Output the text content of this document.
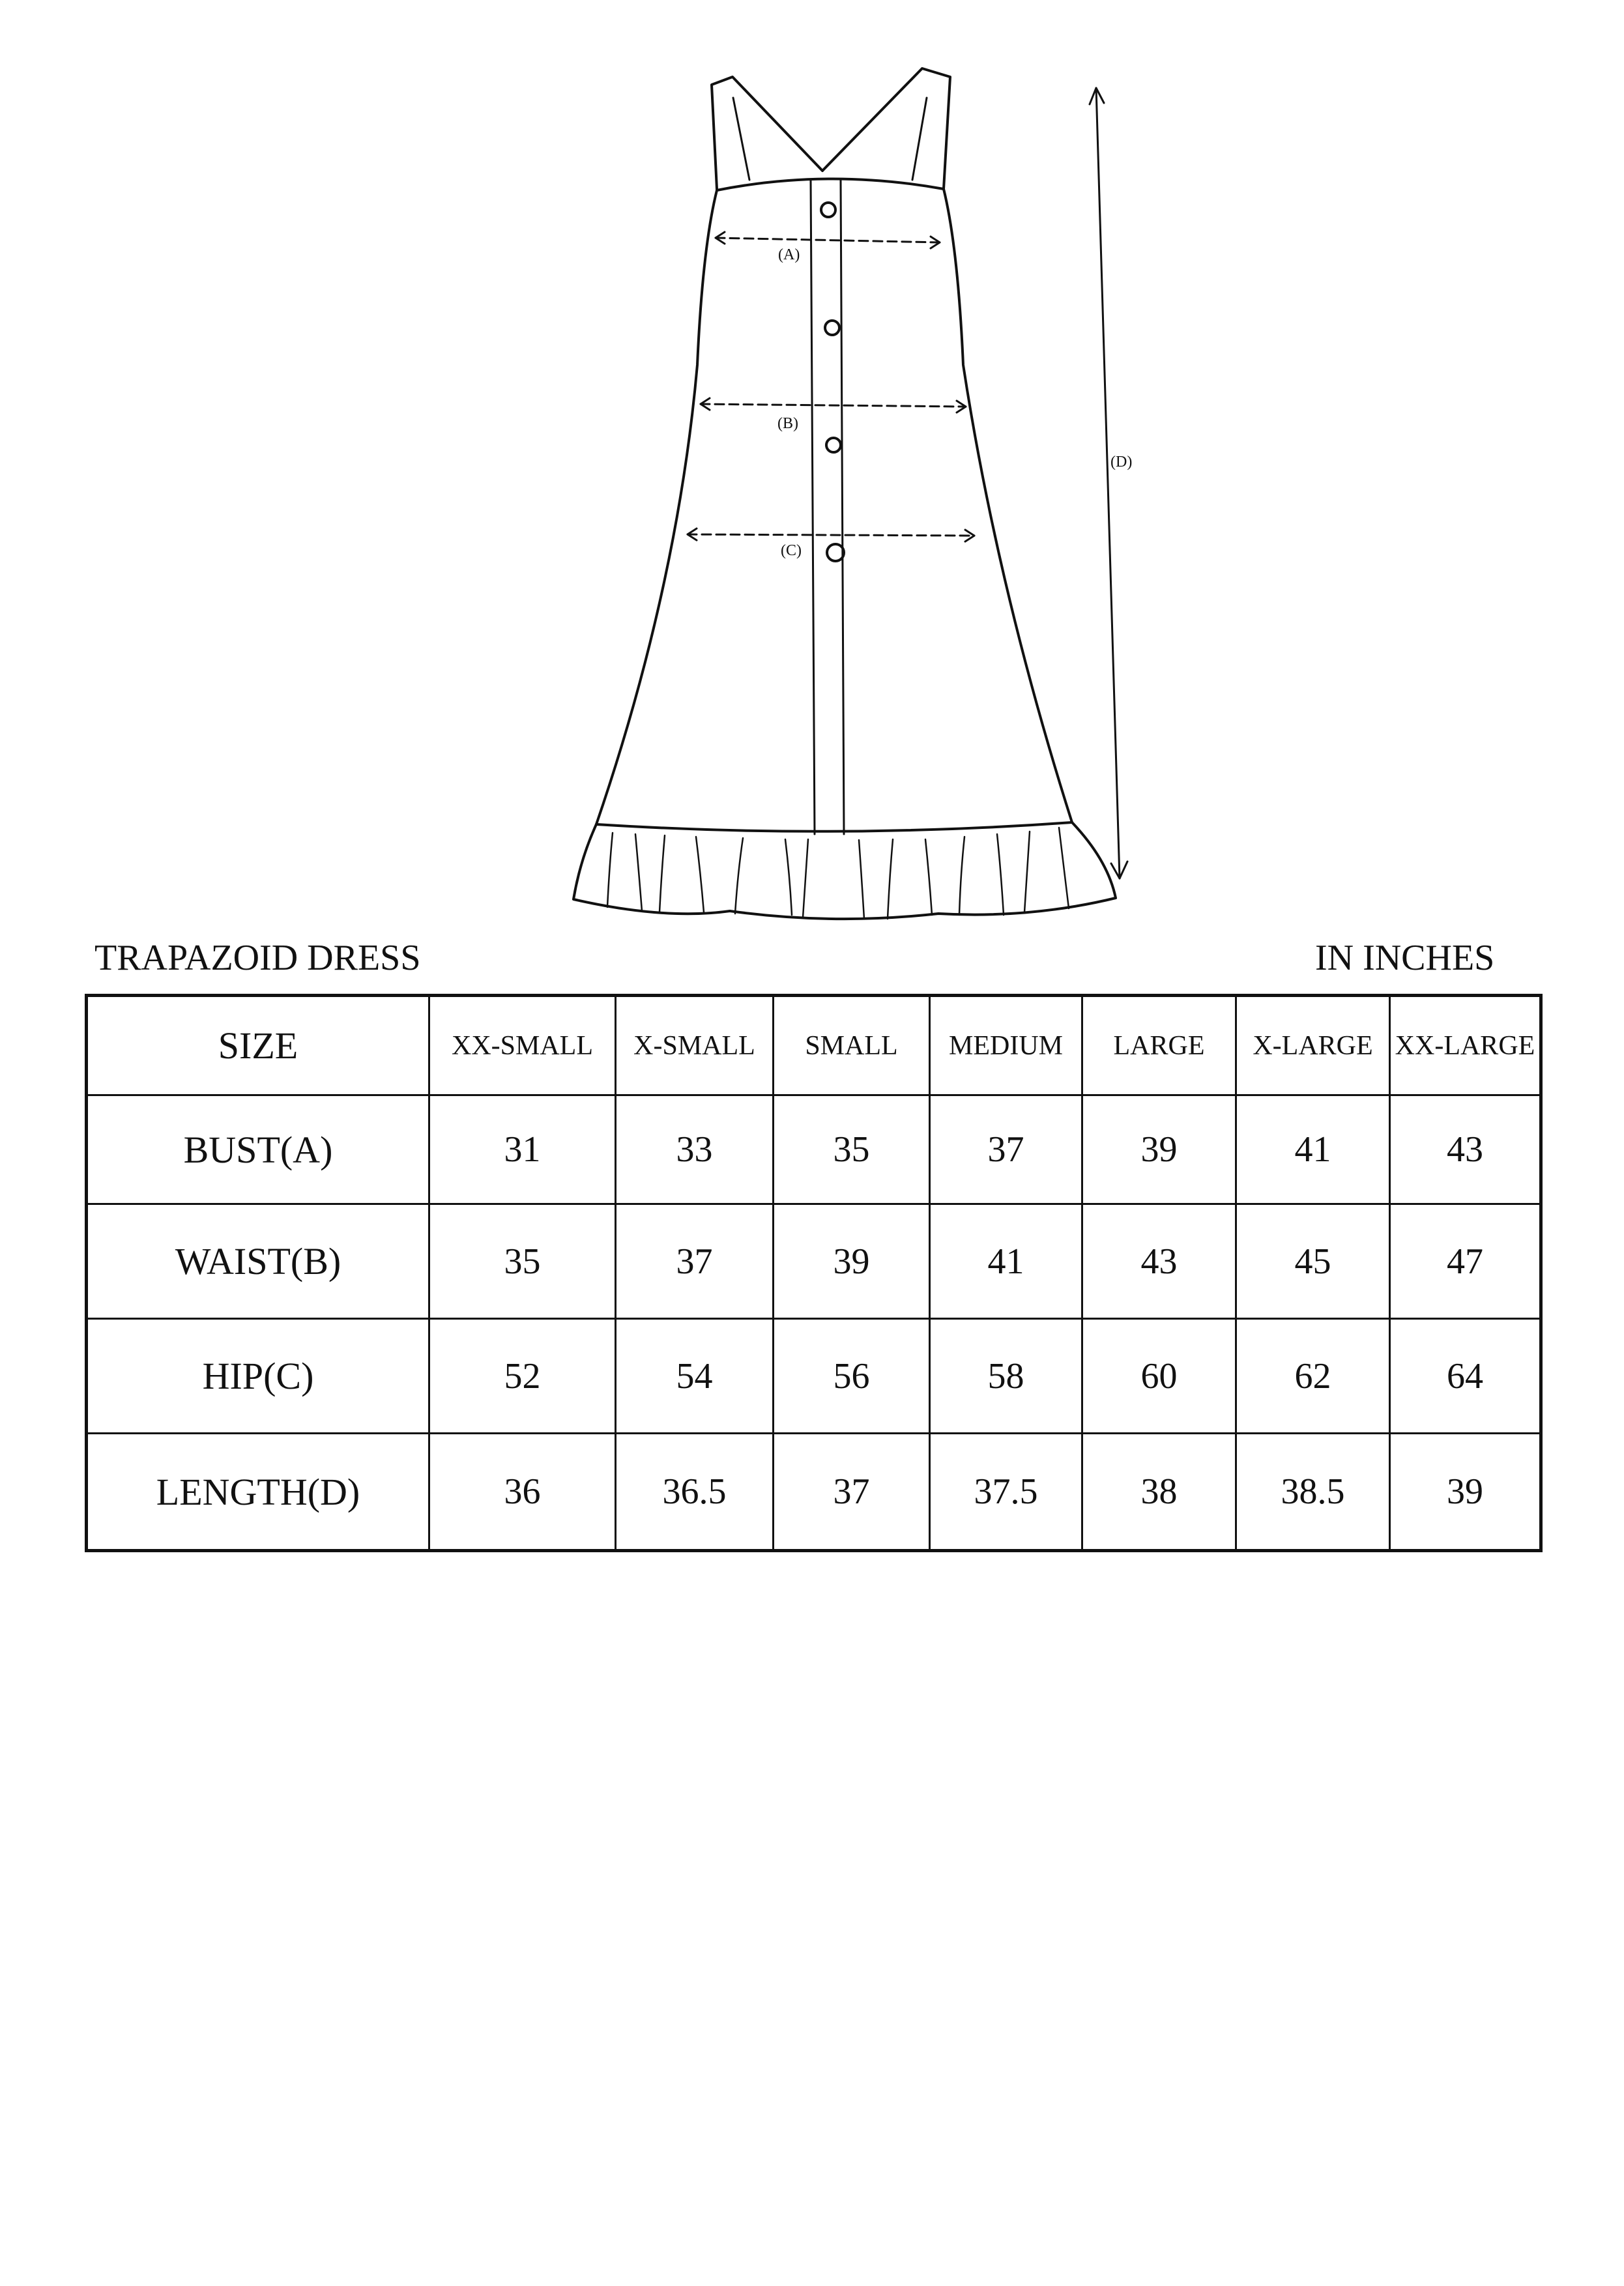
(A)
(B)
(C)
(D)
TRAPAZOID DRESS	IN INCHES
SIZE	XX-SMALL	X-SMALL	SMALL	MEDIUM	LARGE	X-LARGE	XX-LARGE
BUST(A)	31	33	35	37	39	41	43
WAIST(B)	35	37	39	41	43	45	47
HIP(C)	52	54	56	58	60	62	64
LENGTH(D)	36	36.5	37	37.5	38	38.5	39
